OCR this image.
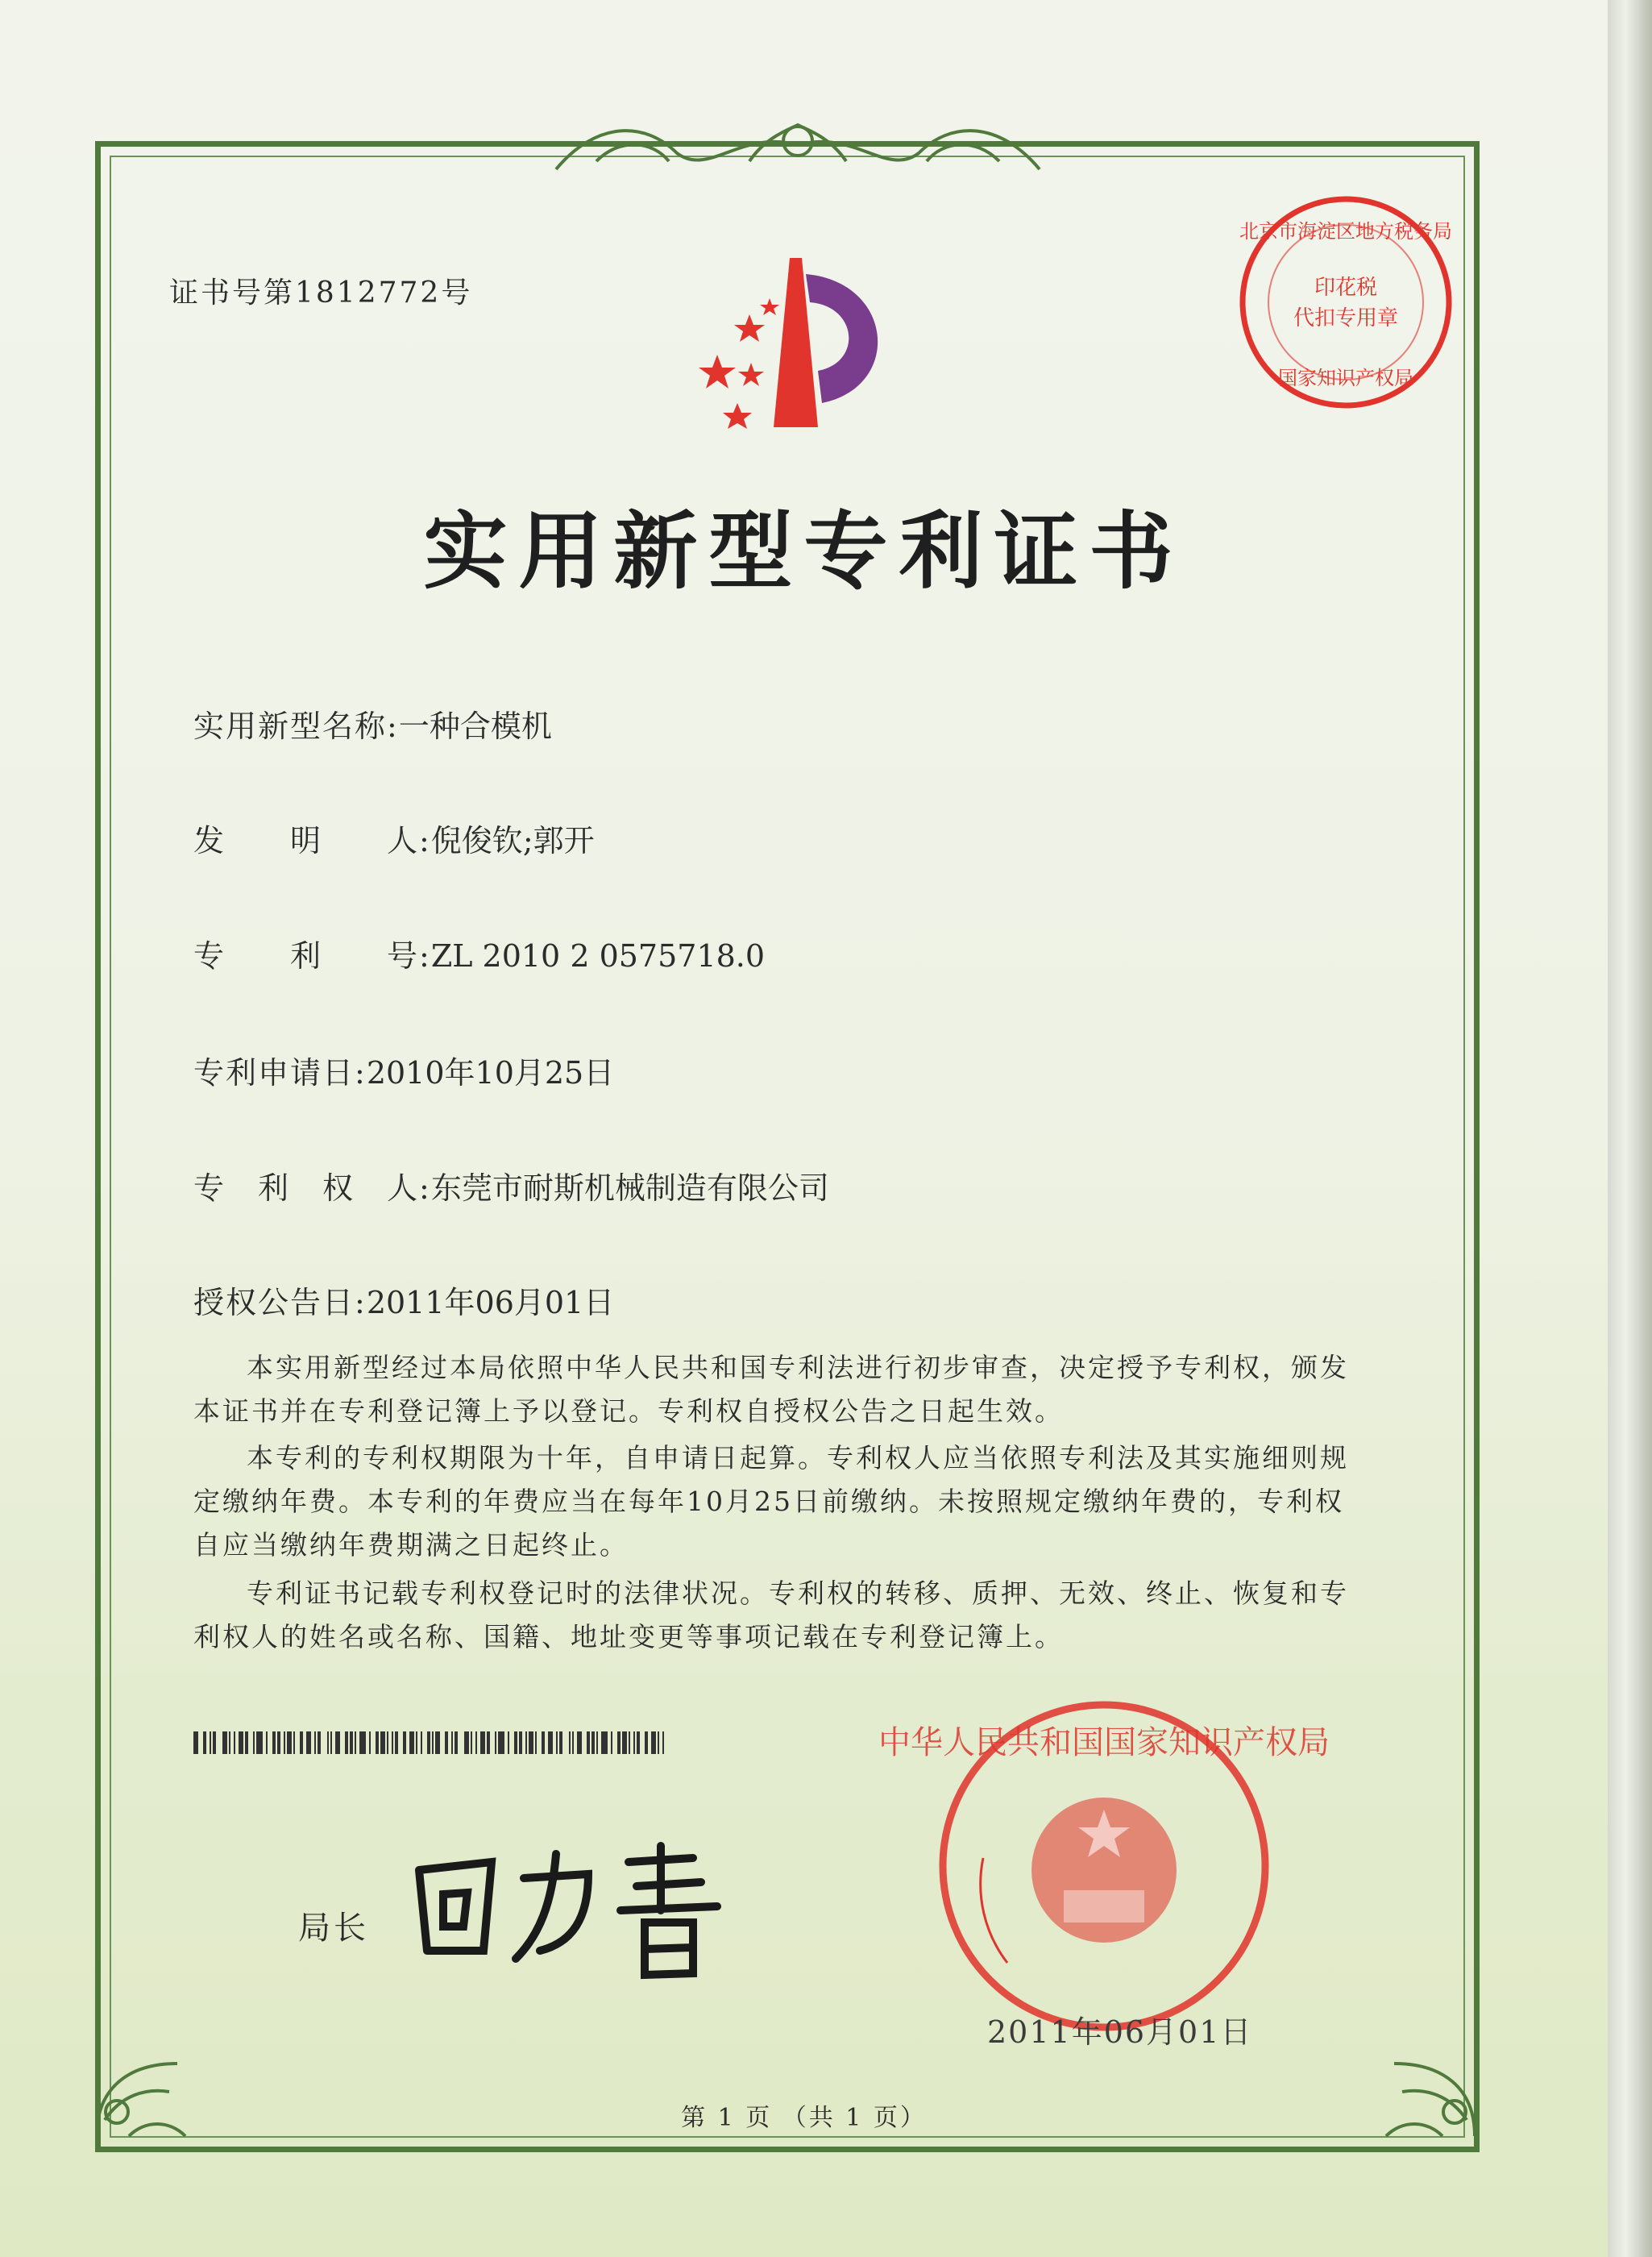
证书号第1812772号	印花税
代扣专用章
北京市海淀区地方税务局
国家知识产权局
实用新型专利证书
实用新型名称:一种合模机
发　　明　　人:倪俊钦;郭开
专　　利　　号:ZL 2010 2 0575718.0
专利申请日:2010年10月25日
专　利　权　人:东莞市耐斯机械制造有限公司
授权公告日:2011年06月01日

本实用新型经过本局依照中华人民共和国专利法进行初步审查，决定授予专利权，颁发本证书并在专利登记簿上予以登记。专利权自授权公告之日起生效。

本专利的专利权期限为十年，自申请日起算。专利权人应当依照专利法及其实施细则规定缴纳年费。本专利的年费应当在每年10月25日前缴纳。未按照规定缴纳年费的，专利权自应当缴纳年费期满之日起终止。

专利证书记载专利权登记时的法律状况。专利权的转移、质押、无效、终止、恢复和专利权人的姓名或名称、国籍、地址变更等事项记载在专利登记簿上。

局长
中华人民共和国国家知识产权局
2011年06月01日
第 1 页 （共 1 页）
